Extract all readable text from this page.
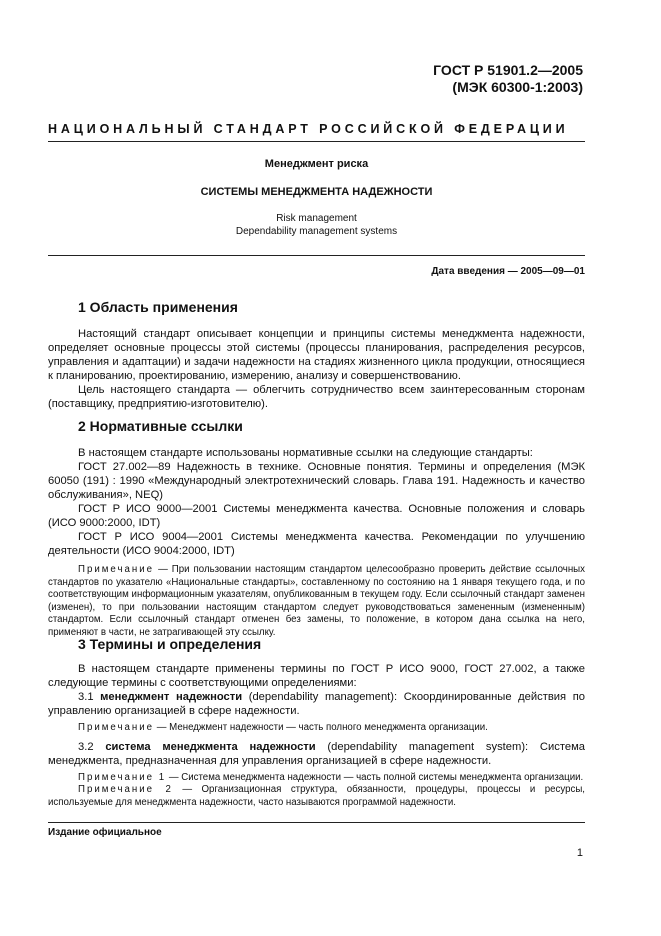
ГОСТ Р 51901.2—2005
(МЭК 60300-1:2003)
НАЦИОНАЛЬНЫЙ СТАНДАРТ РОССИЙСКОЙ ФЕДЕРАЦИИ
Менеджмент риска
СИСТЕМЫ МЕНЕДЖМЕНТА НАДЕЖНОСТИ
Risk management
Dependability management systems
Дата введения — 2005—09—01
1 Область применения

Настоящий стандарт описывает концепции и принципы системы менеджмента надежности, определяет основные процессы этой системы (процессы планирования, распределения ресурсов, управления и адаптации) и задачи надежности на стадиях жизненного цикла продукции, относящиеся к планированию, проектированию, измерению, анализу и совершенствованию.

Цель настоящего стандарта — облегчить сотрудничество всем заинтересованным сторонам (поставщику, предприятию-изготовителю).

2 Нормативные ссылки

В настоящем стандарте использованы нормативные ссылки на следующие стандарты:

ГОСТ 27.002—89 Надежность в технике. Основные понятия. Термины и определения (МЭК 60050 (191) : 1990 «Международный электротехнический словарь. Глава 191. Надежность и качество обслуживания», NEQ)

ГОСТ Р ИСО 9000—2001 Системы менеджмента качества. Основные положения и словарь (ИСО 9000:2000, IDT)

ГОСТ Р ИСО 9004—2001 Системы менеджмента качества. Рекомендации по улучшению деятельности (ИСО 9004:2000, IDT)

Примечание — При пользовании настоящим стандартом целесообразно проверить действие ссылочных стандартов по указателю «Национальные стандарты», составленному по состоянию на 1 января текущего года, и по соответствующим информационным указателям, опубликованным в текущем году. Если ссылочный стандарт заменен (изменен), то при пользовании настоящим стандартом следует руководствоваться замененным (измененным) стандартом. Если ссылочный стандарт отменен без замены, то положение, в котором дана ссылка на него, применяют в части, не затрагивающей эту ссылку.

3 Термины и определения

В настоящем стандарте применены термины по ГОСТ Р ИСО 9000, ГОСТ 27.002, а также следующие термины с соответствующими определениями:

3.1 менеджмент надежности (dependability management): Скоординированные действия по управлению организацией в сфере надежности.

Примечание — Менеджмент надежности — часть полного менеджмента организации.

3.2 система менеджмента надежности (dependability management system): Система менеджмента, предназначенная для управления организацией в сфере надежности.

Примечание 1 — Система менеджмента надежности — часть полной системы менеджмента организации.

Примечание 2 — Организационная структура, обязанности, процедуры, процессы и ресурсы, используемые для менеджмента надежности, часто называются программой надежности.

Издание официальное
1
